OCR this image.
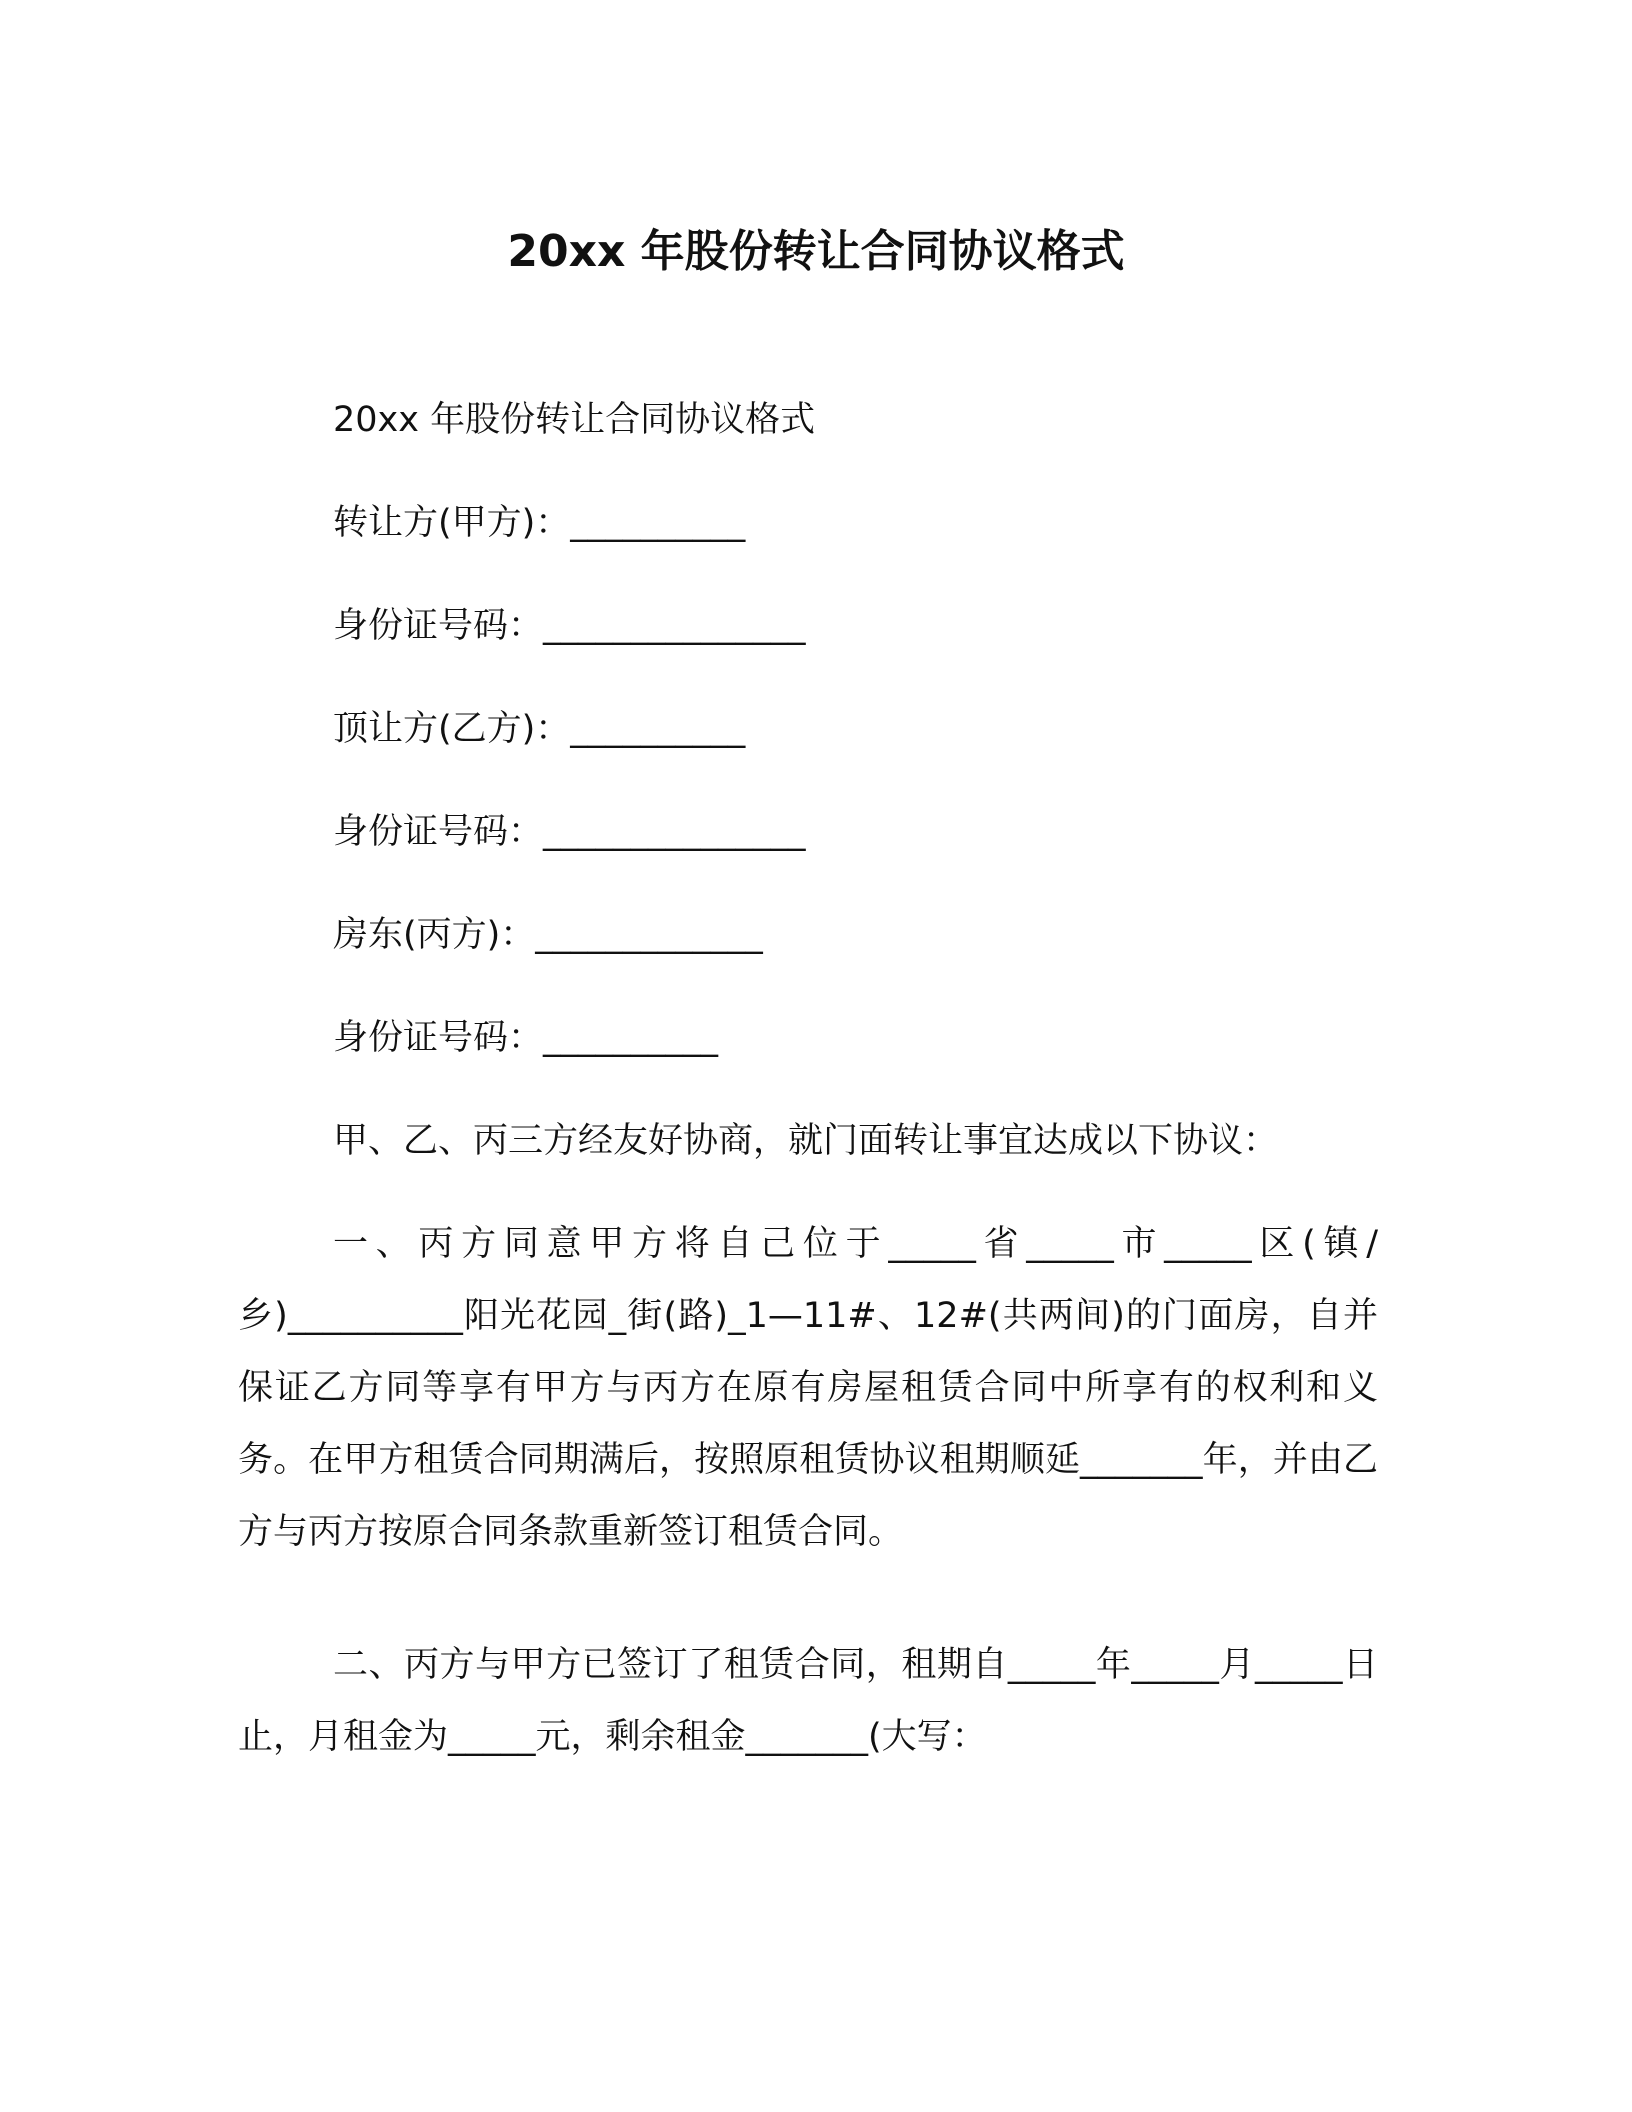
20xx 年股份转让合同协议格式
20xx 年股份转让合同协议格式
转让方(甲方)：__________
身份证号码：_______________
顶让方(乙方)：__________
身份证号码：_______________
房东(丙方)：_____________
身份证号码：__________
甲、乙、丙三方经友好协商，就门面转让事宜达成以下协议：
一、丙方同意甲方将自己位于_____省_____市_____区(镇/乡)__________阳光花园_街(路)_1—11#、12#(共两间)的门面房，自并保证乙方同等享有甲方与丙方在原有房屋租赁合同中所享有的权利和义务。在甲方租赁合同期满后，按照原租赁协议租期顺延_______年，并由乙方与丙方按原合同条款重新签订租赁合同。
二、丙方与甲方已签订了租赁合同，租期自_____年_____月_____日止，月租金为_____元，剩余租金_______(大写：
